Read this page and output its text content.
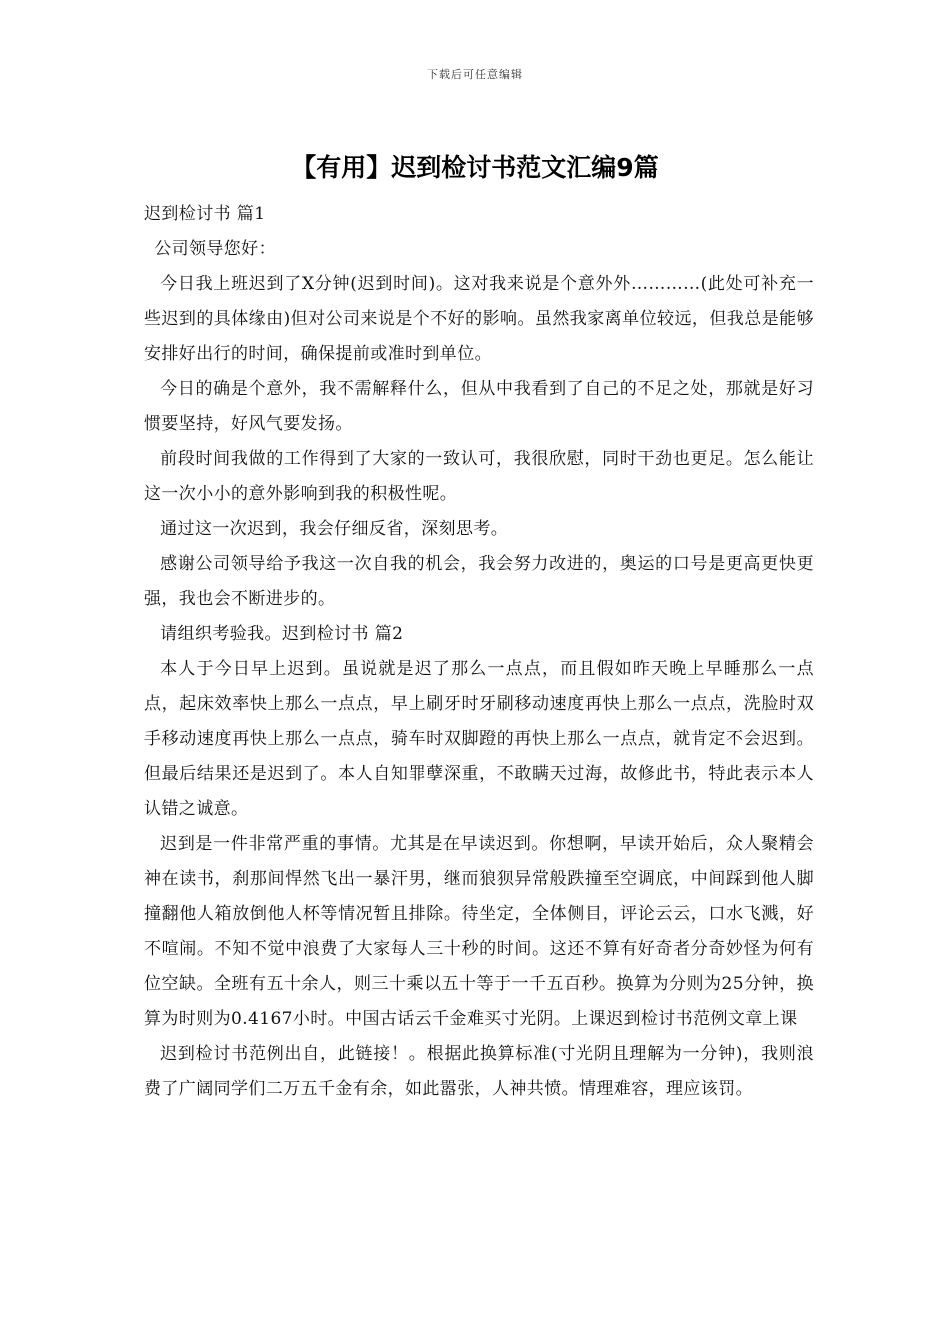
下载后可任意编辑
【有用】迟到检讨书范文汇编9篇

迟到检讨书 篇1

公司领导您好：

今日我上班迟到了X分钟(迟到时间)。这对我来说是个意外外…………(此处可补充一些迟到的具体缘由)但对公司来说是个不好的影响。虽然我家离单位较远，但我总是能够安排好出行的时间，确保提前或准时到单位。

今日的确是个意外，我不需解释什么，但从中我看到了自己的不足之处，那就是好习惯要坚持，好风气要发扬。

前段时间我做的工作得到了大家的一致认可，我很欣慰，同时干劲也更足。怎么能让这一次小小的意外影响到我的积极性呢。

通过这一次迟到，我会仔细反省，深刻思考。

感谢公司领导给予我这一次自我的机会，我会努力改进的，奥运的口号是更高更快更强，我也会不断进步的。

请组织考验我。迟到检讨书 篇2

本人于今日早上迟到。虽说就是迟了那么一点点，而且假如昨天晚上早睡那么一点点，起床效率快上那么一点点，早上刷牙时牙刷移动速度再快上那么一点点，洗脸时双手移动速度再快上那么一点点，骑车时双脚蹬的再快上那么一点点，就肯定不会迟到。但最后结果还是迟到了。本人自知罪孽深重，不敢瞒天过海，故修此书，特此表示本人认错之诚意。

迟到是一件非常严重的事情。尤其是在早读迟到。你想啊，早读开始后，众人聚精会神在读书，刹那间悍然飞出一暴汗男，继而狼狈异常般跌撞至空调底，中间踩到他人脚撞翻他人箱放倒他人杯等情况暂且排除。待坐定，全体侧目，评论云云，口水飞溅，好不喧闹。不知不觉中浪费了大家每人三十秒的时间。这还不算有好奇者分奇妙怪为何有位空缺。全班有五十余人，则三十乘以五十等于一千五百秒。换算为分则为25分钟，换算为时则为0.4167小时。中国古话云千金难买寸光阴。上课迟到检讨书范例文章上课

迟到检讨书范例出自，此链接！。根据此换算标准(寸光阴且理解为一分钟)，我则浪费了广阔同学们二万五千金有余，如此嚣张，人神共愤。情理难容，理应该罚。
